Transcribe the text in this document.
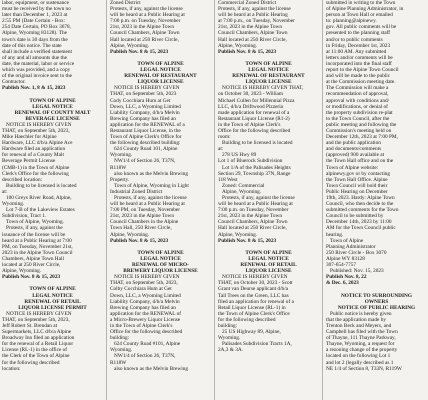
labor, equipment, or sustenance
must be received by the town no
later than December 1, 2023 at
2:55 PM (Date Certain - Box:
254 Date Certain, PO Box 3678,
Alpine, Wyoming 83128). The
town's date is 30 days from the
date of this notice. The state
shall include a verified statement
of any and all amounts due the
date, the material, labor or service
which was provided, and a copy
of the original invoice sent to the
Contractor.
Publish Nov. 1, 8 & 15, 2023

TOWN OF ALPINE
LEGAL NOTICE
RENEWAL OF COUNTY MALT
BEVERAGE LICENSE
NOTICE IS HEREBY GIVEN
THAT, on September 5th, 2023,
Mike Haechler for Alpine
Hardware, LLC d/b/a Alpine Ace
Hardware filed an application
for renewal of a County Malt
Beverage Permit License
(CMB-1) in the Town of Alpine
Clerk's Office for the following
described location:
Building to be licensed is located
at:
100 Greys River Road, Alpine,
Wyoming.
Lot 7-B of the Lakeview Estates
Subdivision, Tract 1.
Town of Alpine, Wyoming.
Protests, if any, against the
issuance of the license will be
heard at a Public Hearing at 7:00
PM, on Tuesday, November 21st,
2023 in the Alpine Town Council
Chambers, Alpine Town Hall
located at 250 River Circle,
Alpine, Wyoming.
Publish Nov. 8 & 15, 2023

TOWN OF ALPINE
LEGAL NOTICE
RENEWAL OF RETAIL
LIQUOR LICENSE PERMIT
NOTICE IS HEREBY GIVEN
THAT, on September 5th, 2023,
Jeff Robert St. Brendan at
Supermarkets, LLC d/b/a Alpine
Broadway Inn filed an application
for the renewal of a Retail Liquor
License (RL-1) in the office of
the Clerk of the Town of Alpine
for the following described
location:
Zoned District
Protests, if any, against the license
will be heard at a Public Hearing at
7:00 p.m. on Tuesday, November
21st, 2023 in the Alpine Town
Council Chambers, Alpine Town
Hall located at 250 River Circle,
Alpine, Wyoming.
Publish Nov. 8 & 15, 2023

TOWN OF ALPINE
LEGAL NOTICE
RENEWAL OF RESTAURANT
LIQUOR LICENSE
NOTICE IS HEREBY GIVEN
THAT, on September 5th, 2023
Cody Cocchiara Hum at Get
Down, LLC, a Wyoming Limited
Liability Company, d/b/a Melvin
Brewing Company has filed an
application for the RENEWAL of a
Restaurant Liquor License, in the
Town of Alpine Clerk's Office for
the following described building:
624 County Road 101, Alpine
Wyoming.
NW1/4 of Section 26, T37N,
R118W
also known as the Melvin Brewing
Property.
Town of Alpine, Wyoming in Light
Industrial Zoned District
Protests, if any, against the license
will be heard at a Public Hearing at
7:00 PM, on Tuesday, November
21st, 2023 in the Alpine Town
Council Chambers in the Alpine
Town Hall, 250 River Circle,
Alpine, Wyoming.
Publish Nov. 8 & 15, 2023

TOWN OF ALPINE
LEGAL NOTICE
RENEWAL OF MICRO-
BREWERY LIQUOR LICENSE
NOTICE IS HEREBY GIVEN
THAT, on September 5th, 2023,
Colby Cocchiara Hum at Get
Down, LLC, a Wyoming Limited
Liability Company, d/b/a Melvin
Brewing Company has filed an
application for the RENEWAL of
a Micro-Brewery Liquor License
in the Town of Alpine Clerk's
Office for the following described
building:
624 County Road #101, Alpine
Wyoming.
NW1/4 of Section 26, T37N,
R118W
also known as the Melvin Brewing
Commercial Zoned District
Protests, if any, against the license
will be heard at a Public Hearing
at 7:00 p.m., on Tuesday, November
21st, 2023 in the Alpine Town
Council Chambers, Alpine Town
Hall located at 250 River Circle,
Alpine, Wyoming.
Publish Nov. 8 & 15, 2023

TOWN OF ALPINE
LEGAL NOTICE
RENEWAL OF RESTAURANT
LIQUOR LICENSE
NOTICE IS HEREBY GIVEN THAT,
on October 30, 2023 - William
Michael Cullen for Millennial Pizza
LLC, d/b/a Driftwood Pizzeria
made application for renewal of a
Restaurant Liquor License (R1-2)
in the Town of Alpine Clerk's
Office for the following described
room:
Building to be licensed is located
at:
278 US Hwy 89
Lot 1 of Bluerock Subdivision
Lot 1/A of the Palisades Heights
Section 29, Township 37N, Range
118 West
Zoned: Commercial
Alpine, Wyoming.
Protests, if any, against the license
will be heard at a Public Hearing at
7:00 p.m. on Tuesday, November
21st, 2023 in the Alpine Town
Council Chambers, Alpine Town
Hall located at 250 River Circle,
Alpine, Wyoming.
Publish Nov. 8 & 15, 2023

TOWN OF ALPINE
LEGAL NOTICE
RENEWAL OF RETAIL
LIQUOR LICENSE
NOTICE IS HEREBY GIVEN
THAT, on October 30, 2023 - Scott
Grant van Deurse applicant d/b/a
Tall Trees on the Green, LLC has
filed an application for renewal of a
Retail Liquor License (RL-1) in
the Town of Alpine Clerk's Office
for the following described
building:
25 US Highway 89, Alpine,
Wyoming.
Palisades Subdivision Tracts 1A,
2A,3 & 3A.
submitted in writing to the Town
of Alpine Planning Administrator, in
person at Town Hall or emailed
to: planning@alpinewy.
gov. All public comments will be
presented to the planning staff
and/or to public comments
in Friday, December 1st, 2023
at 11:00 AM. Any submitted
letters and/or comments will be
incorporated into the final staff
report to the Alpine Town Council
and will be made to the public
at the Commission meeting date.
The Commission will make a
recommendation of approval,
approval with conditions and/
or modifications, or denial of
the property subdivision re-plat
to the Town Council, after the
public meeting and following the
Commission's meeting held on
December 12th, 2023 at 7:00 PM,
and the public application
and documents/comments
(approved) 900 available at
the Town Hall office and on the
Town of Alpine website:
alpinewy.gov or by contacting
the Town Hall Office. Alpine
Town Council will hold their
Public Hearing on December
19th, 2023. Hardy: Alpine Town
Council, who then decide to the
submitted comments for the Town
Council to be submitted by
December 14th, 2023 by 11:00
AM for the Town Council public
hearing.
Town of Alpine
Planning Administrator
250 River Circle - Box 3070
Alpine WY 83128
307-654-7757
Published: Nov. 15, 2023
Publish Nov. 8, 22
& Dec. 6, 2023

NOTICE TO SURROUNDING
OWNERS
NOTICE OF PUBLIC HEARING
Public notice is hereby given
that the application made by
Trenton Beck and Meyers, and
Campbell has filed with the Town
of Thayne, 111 Thayne Parkway,
Thayne, Wyoming, a request for
a rezoning change of the property
located on the following Lot 1
and lot 2 (legally described as 1
NE 1/4 of Section 8, T33N, R119W
